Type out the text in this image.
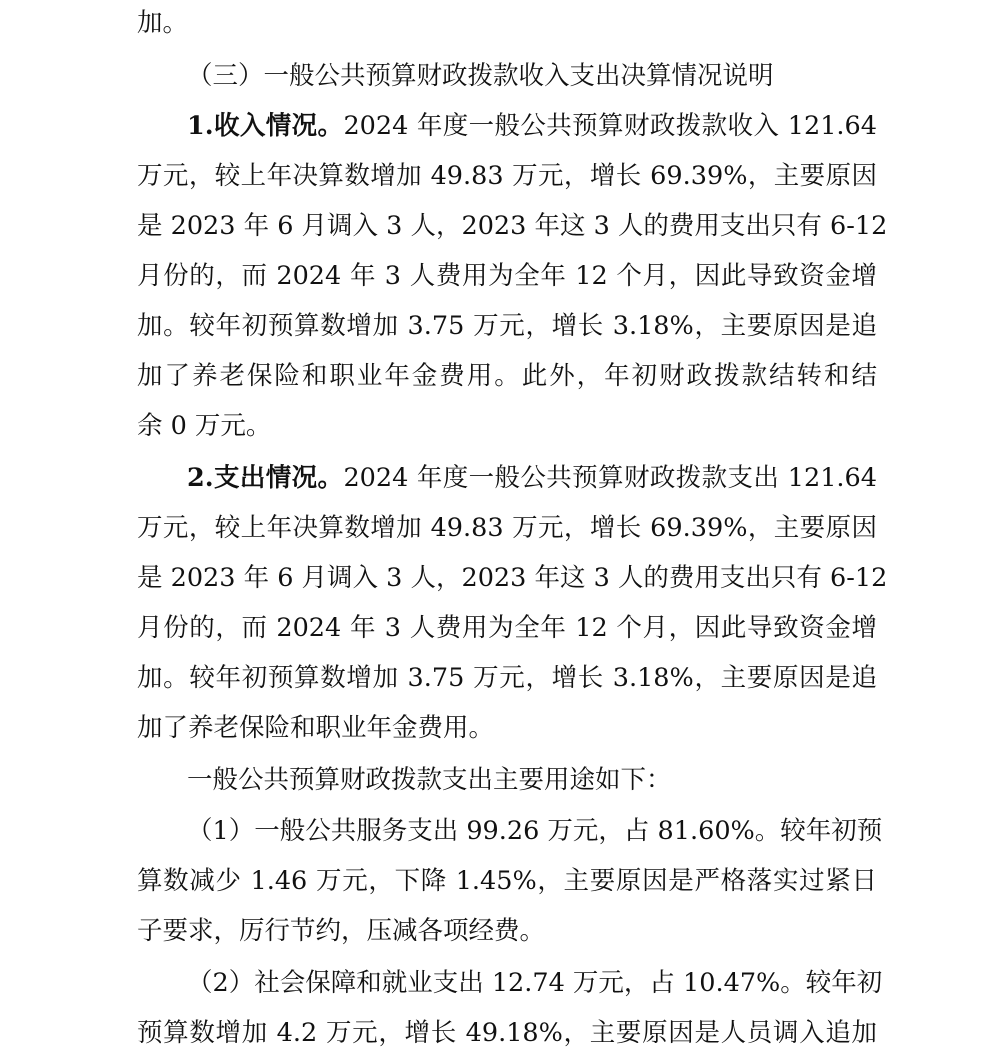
加。
（三）一般公共预算财政拨款收入支出决算情况说明
1.收入情况。2024 年度一般公共预算财政拨款收入 121.64
万元，较上年决算数增加 49.83 万元，增长 69.39%，主要原因
是 2023 年 6 月调入 3 人，2023 年这 3 人的费用支出只有 6-12
月份的，而 2024 年 3 人费用为全年 12 个月，因此导致资金增
加。较年初预算数增加 3.75 万元，增长 3.18%，主要原因是追
加了养老保险和职业年金费用。此外，年初财政拨款结转和结
余 0 万元。
2.支出情况。2024 年度一般公共预算财政拨款支出 121.64
万元，较上年决算数增加 49.83 万元，增长 69.39%，主要原因
是 2023 年 6 月调入 3 人，2023 年这 3 人的费用支出只有 6-12
月份的，而 2024 年 3 人费用为全年 12 个月，因此导致资金增
加。较年初预算数增加 3.75 万元，增长 3.18%，主要原因是追
加了养老保险和职业年金费用。
一般公共预算财政拨款支出主要用途如下：
（1）一般公共服务支出 99.26 万元，占 81.60%。较年初预
算数减少 1.46 万元，下降 1.45%，主要原因是严格落实过紧日
子要求，厉行节约，压减各项经费。
（2）社会保障和就业支出 12.74 万元，占 10.47%。较年初
预算数增加 4.2 万元，增长 49.18%，主要原因是人员调入追加
